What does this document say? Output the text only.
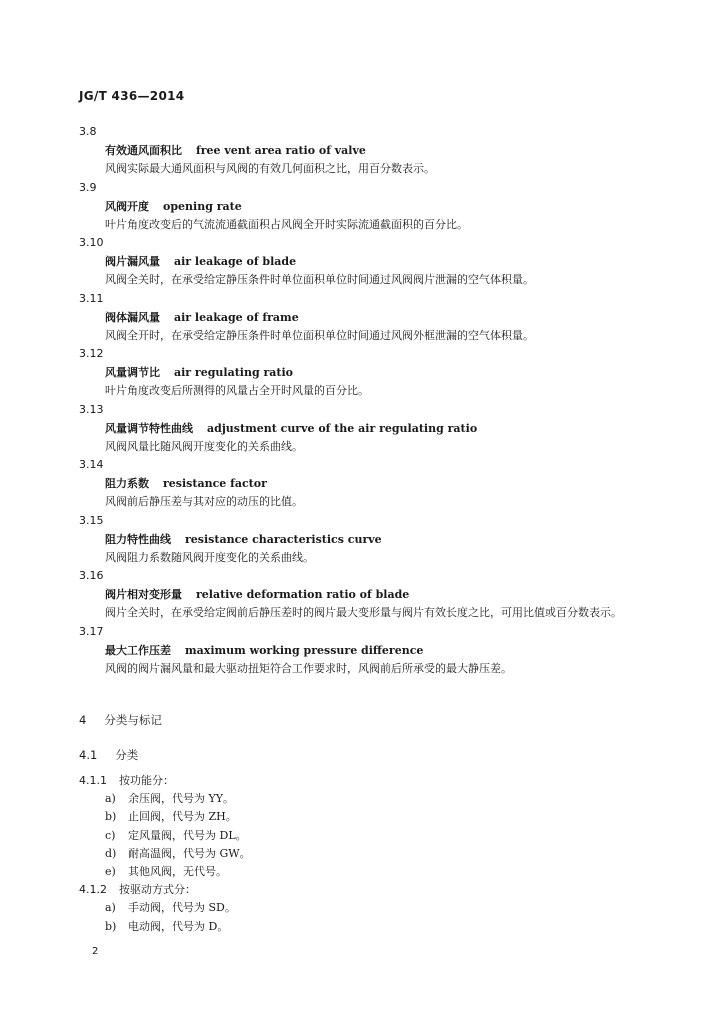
JG/T 436—2014
3.8
有效通风面积比 free vent area ratio of valve
风阀实际最大通风面积与风阀的有效几何面积之比，用百分数表示。
3.9
风阀开度 opening rate
叶片角度改变后的气流流通截面积占风阀全开时实际流通截面积的百分比。
3.10
阀片漏风量 air leakage of blade
风阀全关时，在承受给定静压条件时单位面积单位时间通过风阀阀片泄漏的空气体积量。
3.11
阀体漏风量 air leakage of frame
风阀全开时，在承受给定静压条件时单位面积单位时间通过风阀外框泄漏的空气体积量。
3.12
风量调节比 air regulating ratio
叶片角度改变后所测得的风量占全开时风量的百分比。
3.13
风量调节特性曲线 adjustment curve of the air regulating ratio
风阀风量比随风阀开度变化的关系曲线。
3.14
阻力系数 resistance factor
风阀前后静压差与其对应的动压的比值。
3.15
阻力特性曲线 resistance characteristics curve
风阀阻力系数随风阀开度变化的关系曲线。
3.16
阀片相对变形量 relative deformation ratio of blade
阀片全关时，在承受给定阀前后静压差时的阀片最大变形量与阀片有效长度之比，可用比值或百分数表示。
3.17
最大工作压差 maximum working pressure difference
风阀的阀片漏风量和最大驱动扭矩符合工作要求时，风阀前后所承受的最大静压差。
4 分类与标记
4.1 分类
4.1.1 按功能分：
a) 余压阀，代号为 YY。
b) 止回阀，代号为 ZH。
c) 定风量阀，代号为 DL。
d) 耐高温阀，代号为 GW。
e) 其他风阀，无代号。
4.1.2 按驱动方式分：
a) 手动阀，代号为 SD。
b) 电动阀，代号为 D。
2
